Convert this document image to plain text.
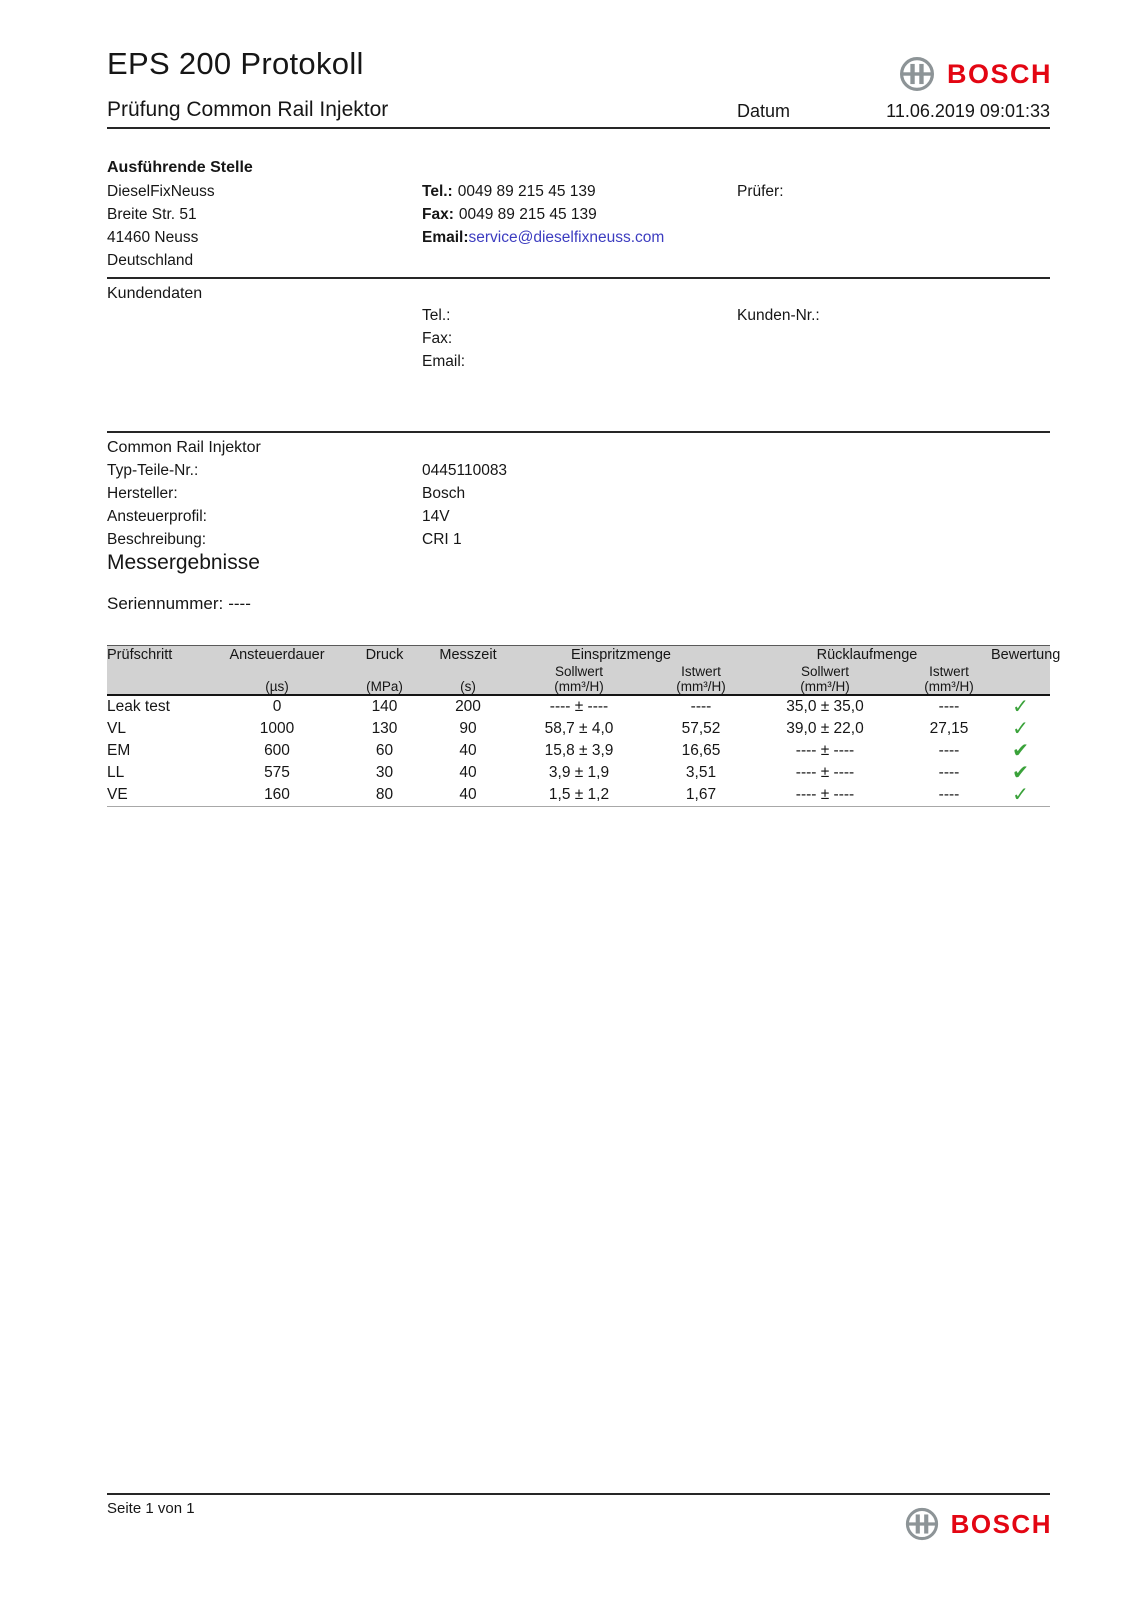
EPS 200 Protokoll	BOSCH
Prüfung Common Rail Injektor	Datum	11.06.2019 09:01:33
Ausführende Stelle
DieselFixNeuss
Breite Str. 51
41460 Neuss
Deutschland
Tel.: 0049 89 215 45 139
Fax: 0049 89 215 45 139
Email:service@dieselfixneuss.com
Prüfer:
Kundendaten
Tel.:
Fax:
Email:
Kunden-Nr.:
Common Rail Injektor
Typ-Teile-Nr.:	0445110083
Hersteller:	Bosch
Ansteuerprofil:	14V
Beschreibung:	CRI 1
Messergebnisse
Seriennummer: ----
Prüfschritt	Ansteuerdauer	Druck	Messzeit	Einspritzmenge		Rücklaufmenge		Bewertung
				Sollwert	Istwert	Sollwert	Istwert	
	(µs)	(MPa)	(s)	(mm³/H)	(mm³/H)	(mm³/H)	(mm³/H)	
Leak test	0	140	200	---- ± ----	----	35,0 ± 35,0	----	✓
VL	1000	130	90	58,7 ± 4,0	57,52	39,0 ± 22,0	27,15	✓
EM	600	60	40	15,8 ± 3,9	16,65	---- ± ----	----	✔
LL	575	30	40	3,9 ± 1,9	3,51	---- ± ----	----	✔
VE	160	80	40	1,5 ± 1,2	1,67	---- ± ----	----	✓
Seite 1 von 1	BOSCH
